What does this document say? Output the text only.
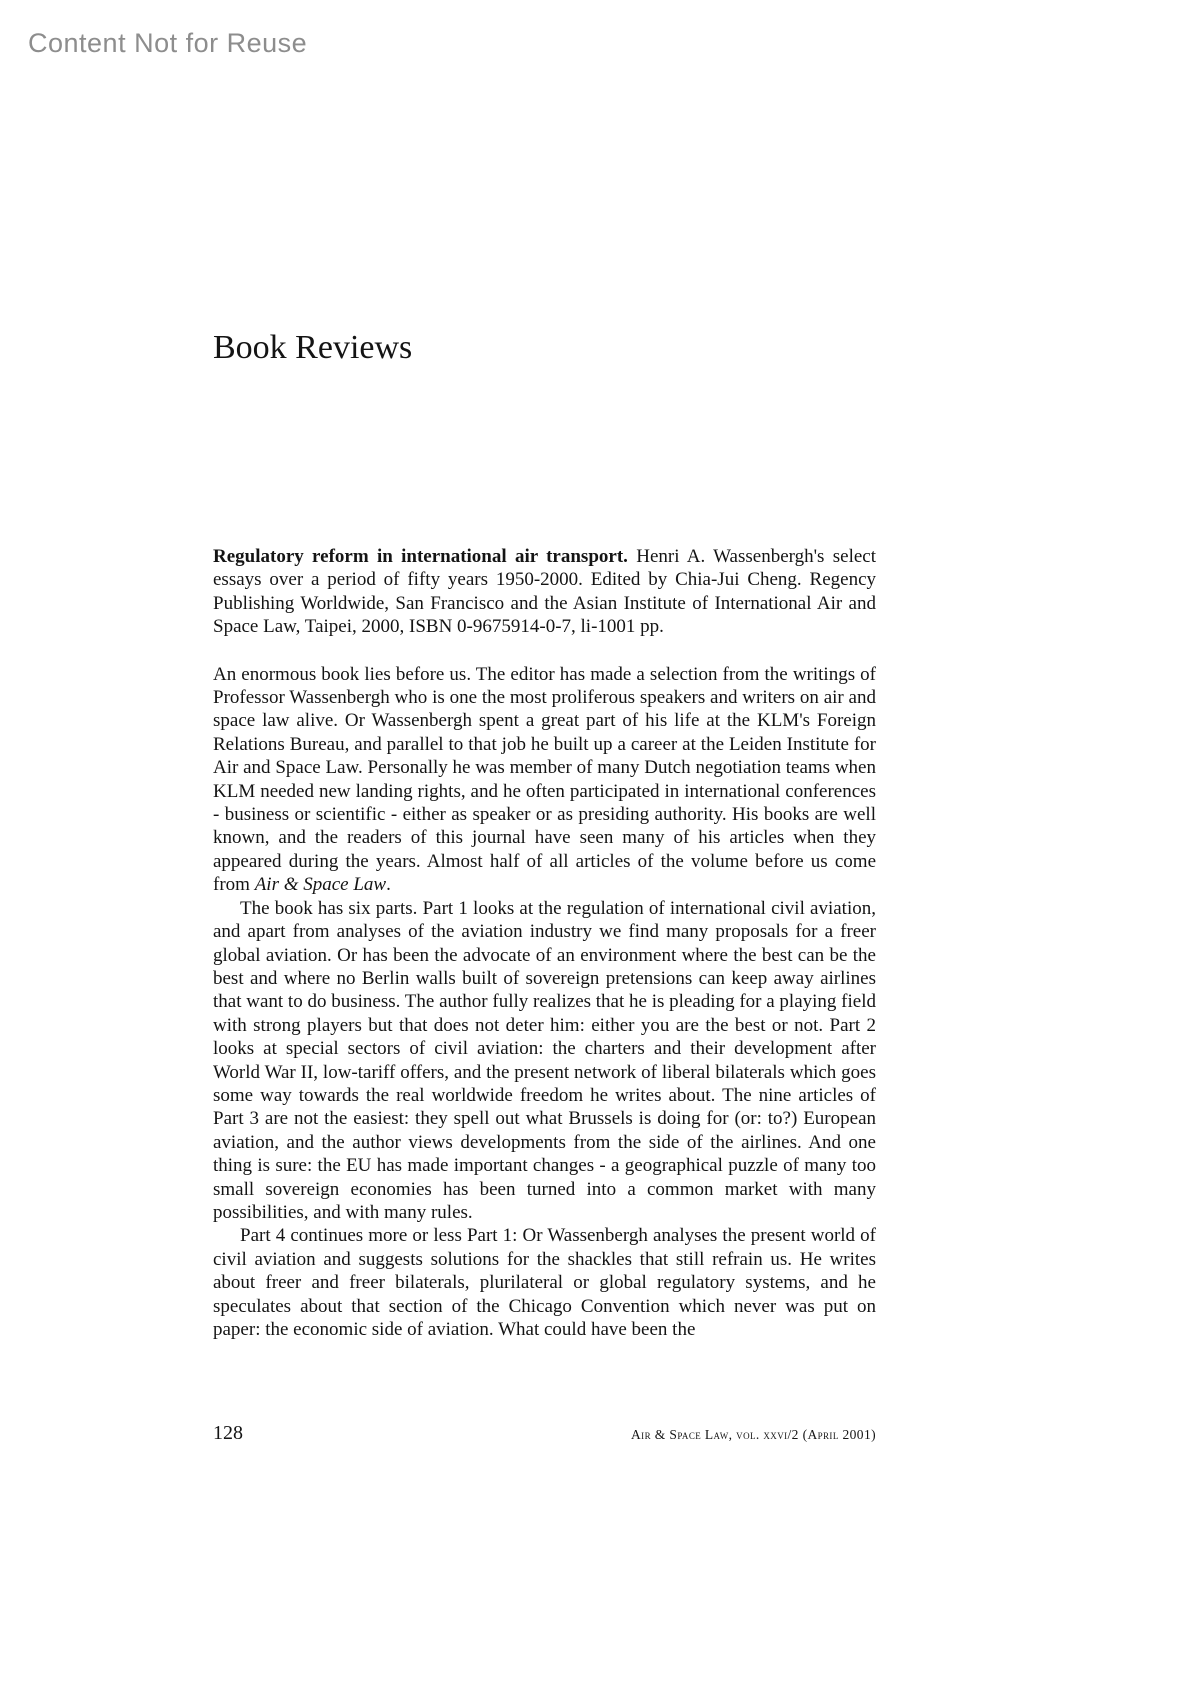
Content Not for Reuse
Book Reviews

Regulatory reform in international air transport. Henri A. Wassenbergh's select essays over a period of fifty years 1950-2000. Edited by Chia-Jui Cheng. Regency Publishing Worldwide, San Francisco and the Asian Institute of International Air and Space Law, Taipei, 2000, ISBN 0-9675914-0-7, li-1001 pp.

An enormous book lies before us. The editor has made a selection from the writings of Professor Wassenbergh who is one the most proliferous speakers and writers on air and space law alive. Or Wassenbergh spent a great part of his life at the KLM's Foreign Relations Bureau, and parallel to that job he built up a career at the Leiden Institute for Air and Space Law. Personally he was member of many Dutch negotiation teams when KLM needed new landing rights, and he often participated in international conferences - business or scientific - either as speaker or as presiding authority. His books are well known, and the readers of this journal have seen many of his articles when they appeared during the years. Almost half of all articles of the volume before us come from Air & Space Law.

The book has six parts. Part 1 looks at the regulation of international civil aviation, and apart from analyses of the aviation industry we find many proposals for a freer global aviation. Or has been the advocate of an environment where the best can be the best and where no Berlin walls built of sovereign pretensions can keep away airlines that want to do business. The author fully realizes that he is pleading for a playing field with strong players but that does not deter him: either you are the best or not. Part 2 looks at special sectors of civil aviation: the charters and their development after World War II, low-tariff offers, and the present network of liberal bilaterals which goes some way towards the real worldwide freedom he writes about. The nine articles of Part 3 are not the easiest: they spell out what Brussels is doing for (or: to?) European aviation, and the author views developments from the side of the airlines. And one thing is sure: the EU has made important changes - a geographical puzzle of many too small sovereign economies has been turned into a common market with many possibilities, and with many rules.

Part 4 continues more or less Part 1: Or Wassenbergh analyses the present world of civil aviation and suggests solutions for the shackles that still refrain us. He writes about freer and freer bilaterals, plurilateral or global regulatory systems, and he speculates about that section of the Chicago Convention which never was put on paper: the economic side of aviation. What could have been the

128	Air & Space Law, vol. xxvi/2 (April 2001)
